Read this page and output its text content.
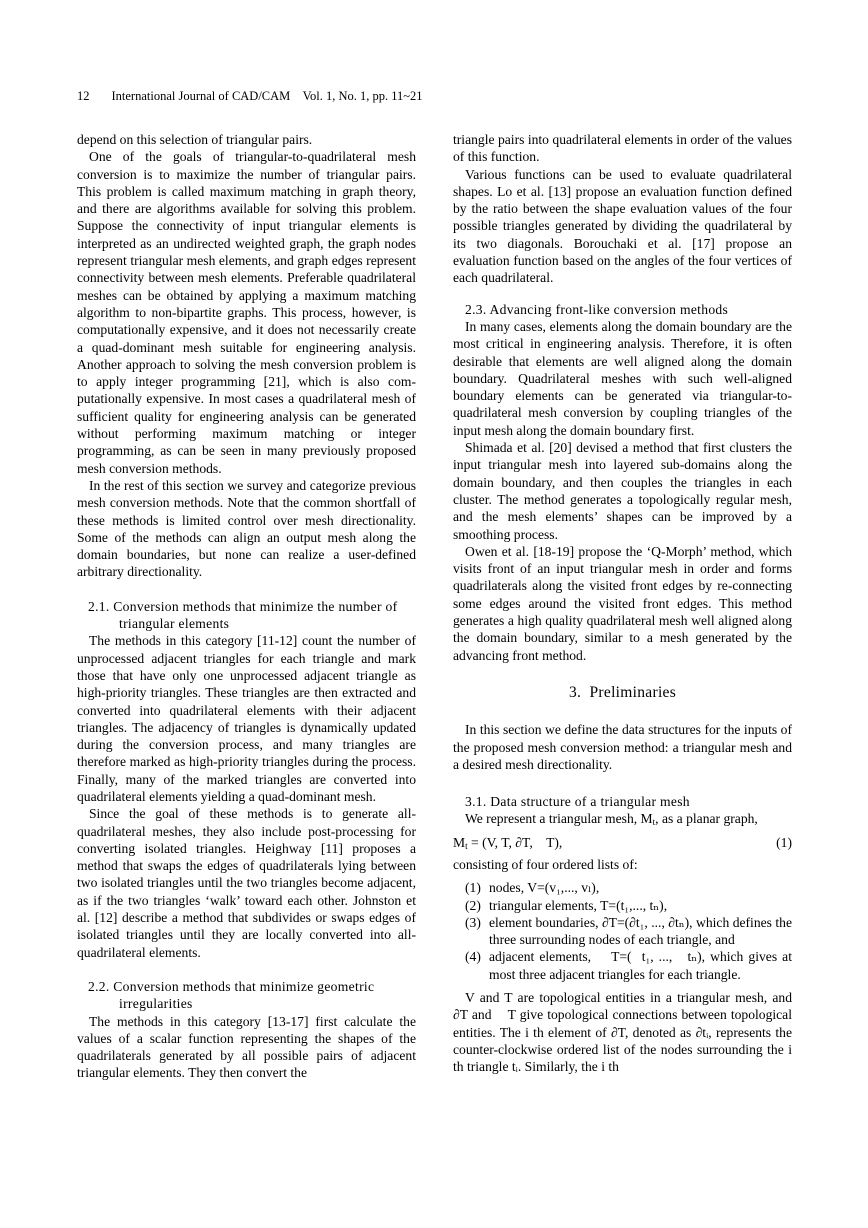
12 International Journal of CAD/CAM    Vol. 1, No. 1, pp. 11~21

depend on this selection of triangular pairs.

One of the goals of triangular-to-quadrilateral mesh conversion is to maximize the number of triangular pairs. This problem is called maximum matching in graph theory, and there are algorithms available for solving this problem. Suppose the connectivity of input triangular elements is interpreted as an undirected weighted graph, the graph nodes represent triangular mesh elements, and graph edges represent connectivity between mesh elements. Preferable quadrilateral meshes can be obtained by applying a maximum matching algorithm to non-bipartite graphs. This process, however, is computationally expensive, and it does not necessarily create a quad-dominant mesh suitable for engineering analysis. Another approach to solving the mesh conversion problem is to apply integer programming [21], which is also com-putationally expensive. In most cases a quadrilateral mesh of sufficient quality for engineering analysis can be generated without performing maximum matching or integer programming, as can be seen in many previously proposed mesh conversion methods.

In the rest of this section we survey and categorize previous mesh conversion methods. Note that the common shortfall of these methods is limited control over mesh directionality. Some of the methods can align an output mesh along the domain boundaries, but none can realize a user-defined arbitrary directionality.

2.1. Conversion methods that minimize the number of triangular elements

The methods in this category [11-12] count the number of unprocessed adjacent triangles for each triangle and mark those that have only one unprocessed adjacent triangle as high-priority triangles. These triangles are then extracted and converted into quadrilateral elements with their adjacent triangles. The adjacency of triangles is dynamically updated during the conversion process, and many triangles are therefore marked as high-priority triangles during the process. Finally, many of the marked triangles are converted into quadrilateral elements yielding a quad-dominant mesh.

Since the goal of these methods is to generate all-quadrilateral meshes, they also include post-processing for converting isolated triangles. Heighway [11] proposes a method that swaps the edges of quadrilaterals lying between two isolated triangles until the two triangles become adjacent, as if the two triangles ‘walk’ toward each other. Johnston et al. [12] describe a method that subdivides or swaps edges of isolated triangles until they are locally converted into all-quadrilateral elements.

2.2. Conversion methods that minimize geometric irregularities

The methods in this category [13-17] first calculate the values of a scalar function representing the shapes of the quadrilaterals generated by all possible pairs of adjacent triangular elements. They then convert the

triangle pairs into quadrilateral elements in order of the values of this function.

Various functions can be used to evaluate quadrilateral shapes. Lo et al. [13] propose an evaluation function defined by the ratio between the shape evaluation values of the four possible triangles generated by dividing the quadrilateral by its two diagonals. Borouchaki et al. [17] propose an evaluation function based on the angles of the four vertices of each quadrilateral.

2.3. Advancing front-like conversion methods

In many cases, elements along the domain boundary are the most critical in engineering analysis. Therefore, it is often desirable that elements are well aligned along the domain boundary. Quadrilateral meshes with such well-aligned boundary elements can be generated via triangular-to-quadrilateral mesh conversion by coupling triangles of the input mesh along the domain boundary first.

Shimada et al. [20] devised a method that first clusters the input triangular mesh into layered sub-domains along the domain boundary, and then couples the triangles in each cluster. The method generates a topologically regular mesh, and the mesh elements’ shapes can be improved by a smoothing process.

Owen et al. [18-19] propose the ‘Q-Morph’ method, which visits front of an input triangular mesh in order and forms quadrilaterals along the visited front edges by re-connecting some edges around the visited front edges. This method generates a high quality quadrilateral mesh well aligned along the domain boundary, similar to a mesh generated by the advancing front method.

3.  Preliminaries

In this section we define the data structures for the inputs of the proposed mesh conversion method: a triangular mesh and a desired mesh directionality.

3.1. Data structure of a triangular mesh

We represent a triangular mesh, $M_t$, as a planar graph,

$M_t = (V$, T, ∂T,    T),	(1)

consisting of four ordered lists of:

(1) nodes, V=(v₁,..., vₗ),
(2) triangular elements, T=(t₁,..., tₙ),
(3) element boundaries, ∂T=(∂t₁, ..., ∂tₙ), which defines the three surrounding nodes of each triangle, and
(4) adjacent elements,    T=(  t₁, ...,   tₙ), which gives at most three adjacent triangles for each triangle.

V and T are topological entities in a triangular mesh, and ∂T and    T give topological connections between topological entities. The i th element of ∂T, denoted as ∂tᵢ, represents the counter-clockwise ordered list of the nodes surrounding the i th triangle tᵢ. Similarly, the i th
